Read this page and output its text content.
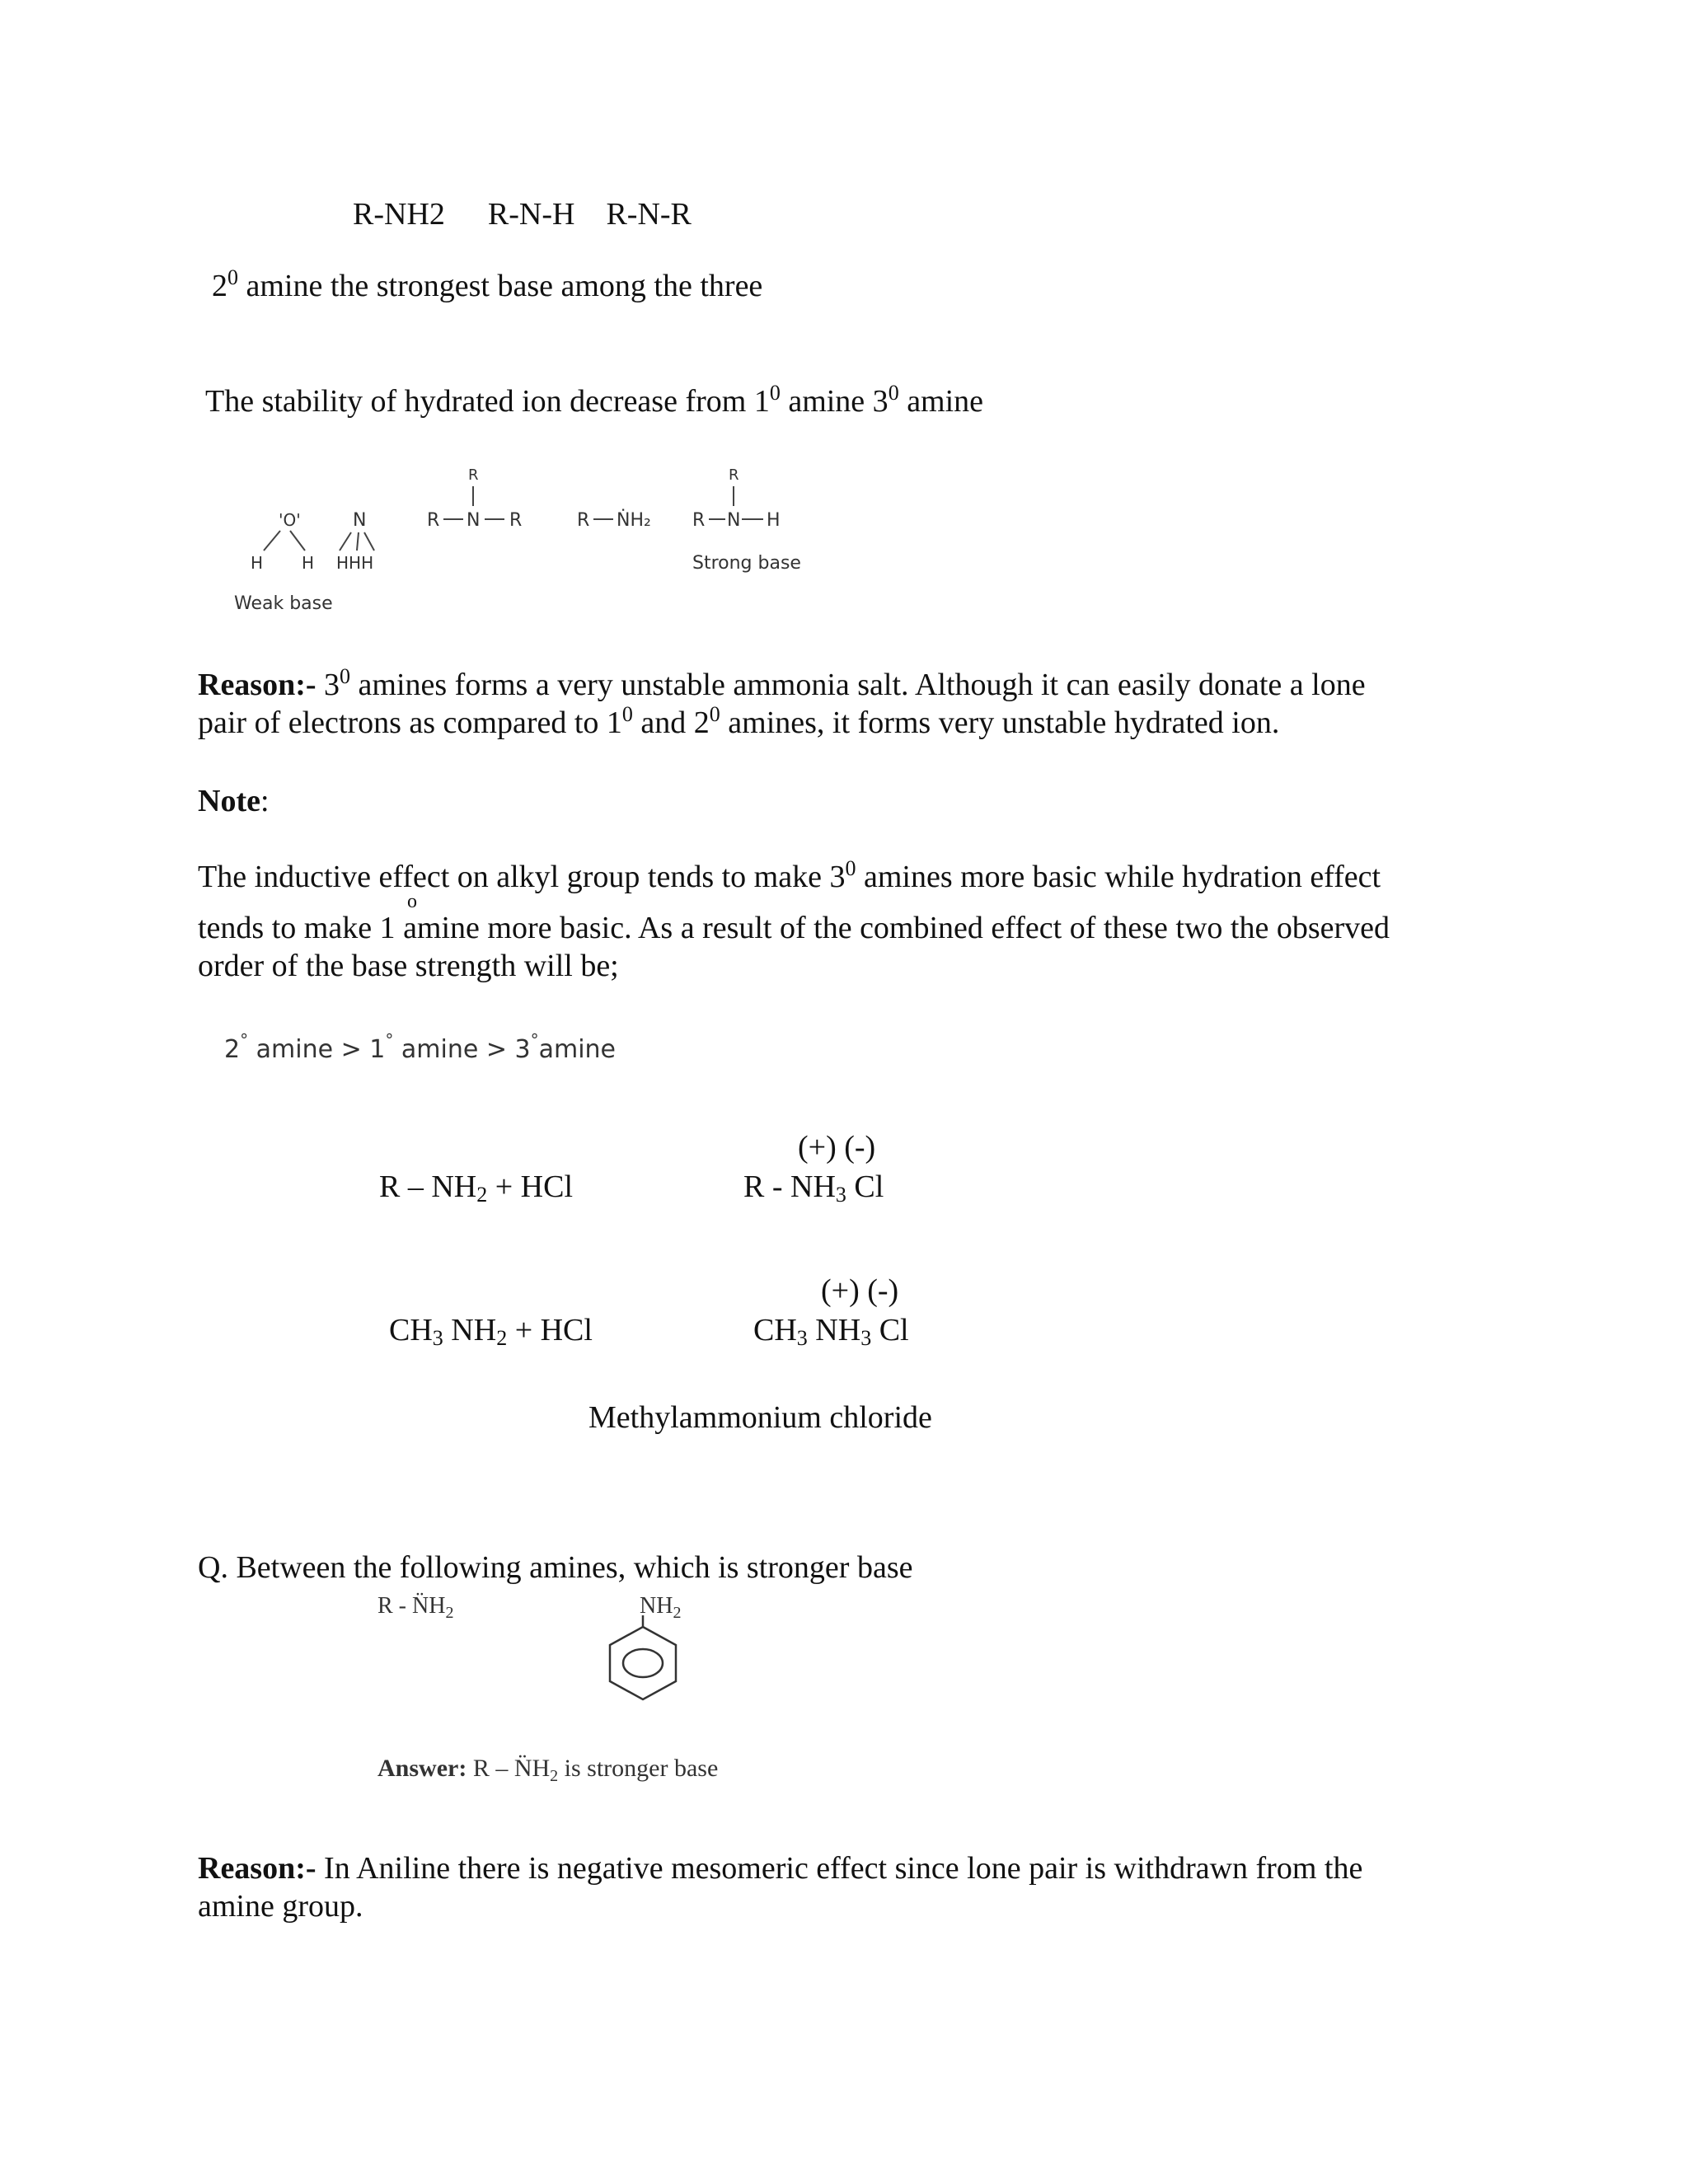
R-NH2 R-N-H R-N-R
$2^0$ amine the strongest base among the three
The stability of hydrated ion decrease from $1^0$ amine $3^0$ amine
'O'
H H
N
HHH
Weak base
R
R N R	R ṄH₂
R
R N H
Strong base
Reason:- $3^0$ amines forms a very unstable ammonia salt. Although it can easily donate a lone
pair of electrons as compared to $1^0$ and $2^0$ amines, it forms very unstable hydrated ion.
Note:
The inductive effect on alkyl group tends to make $3^0$ amines more basic while hydration effect
o
tends to make 1 amine more basic. As a result of the combined effect of these two the observed
order of the base strength will be;
2° amine > 1° amine > 3°amine
R – $NH_2$ + HCl
(+) (-)
R - $NH_3$ Cl
$CH_3$ $NH_2$ + HCl
(+) (-)
$CH_3$ $NH_3$ Cl
Methylammonium chloride
Q. Between the following amines, which is stronger base
R - $N̈H_2$	$NH_2$
Answer: R – $N̈H_2$ is stronger base
Reason:- In Aniline there is negative mesomeric effect since lone pair is withdrawn from the
amine group.
